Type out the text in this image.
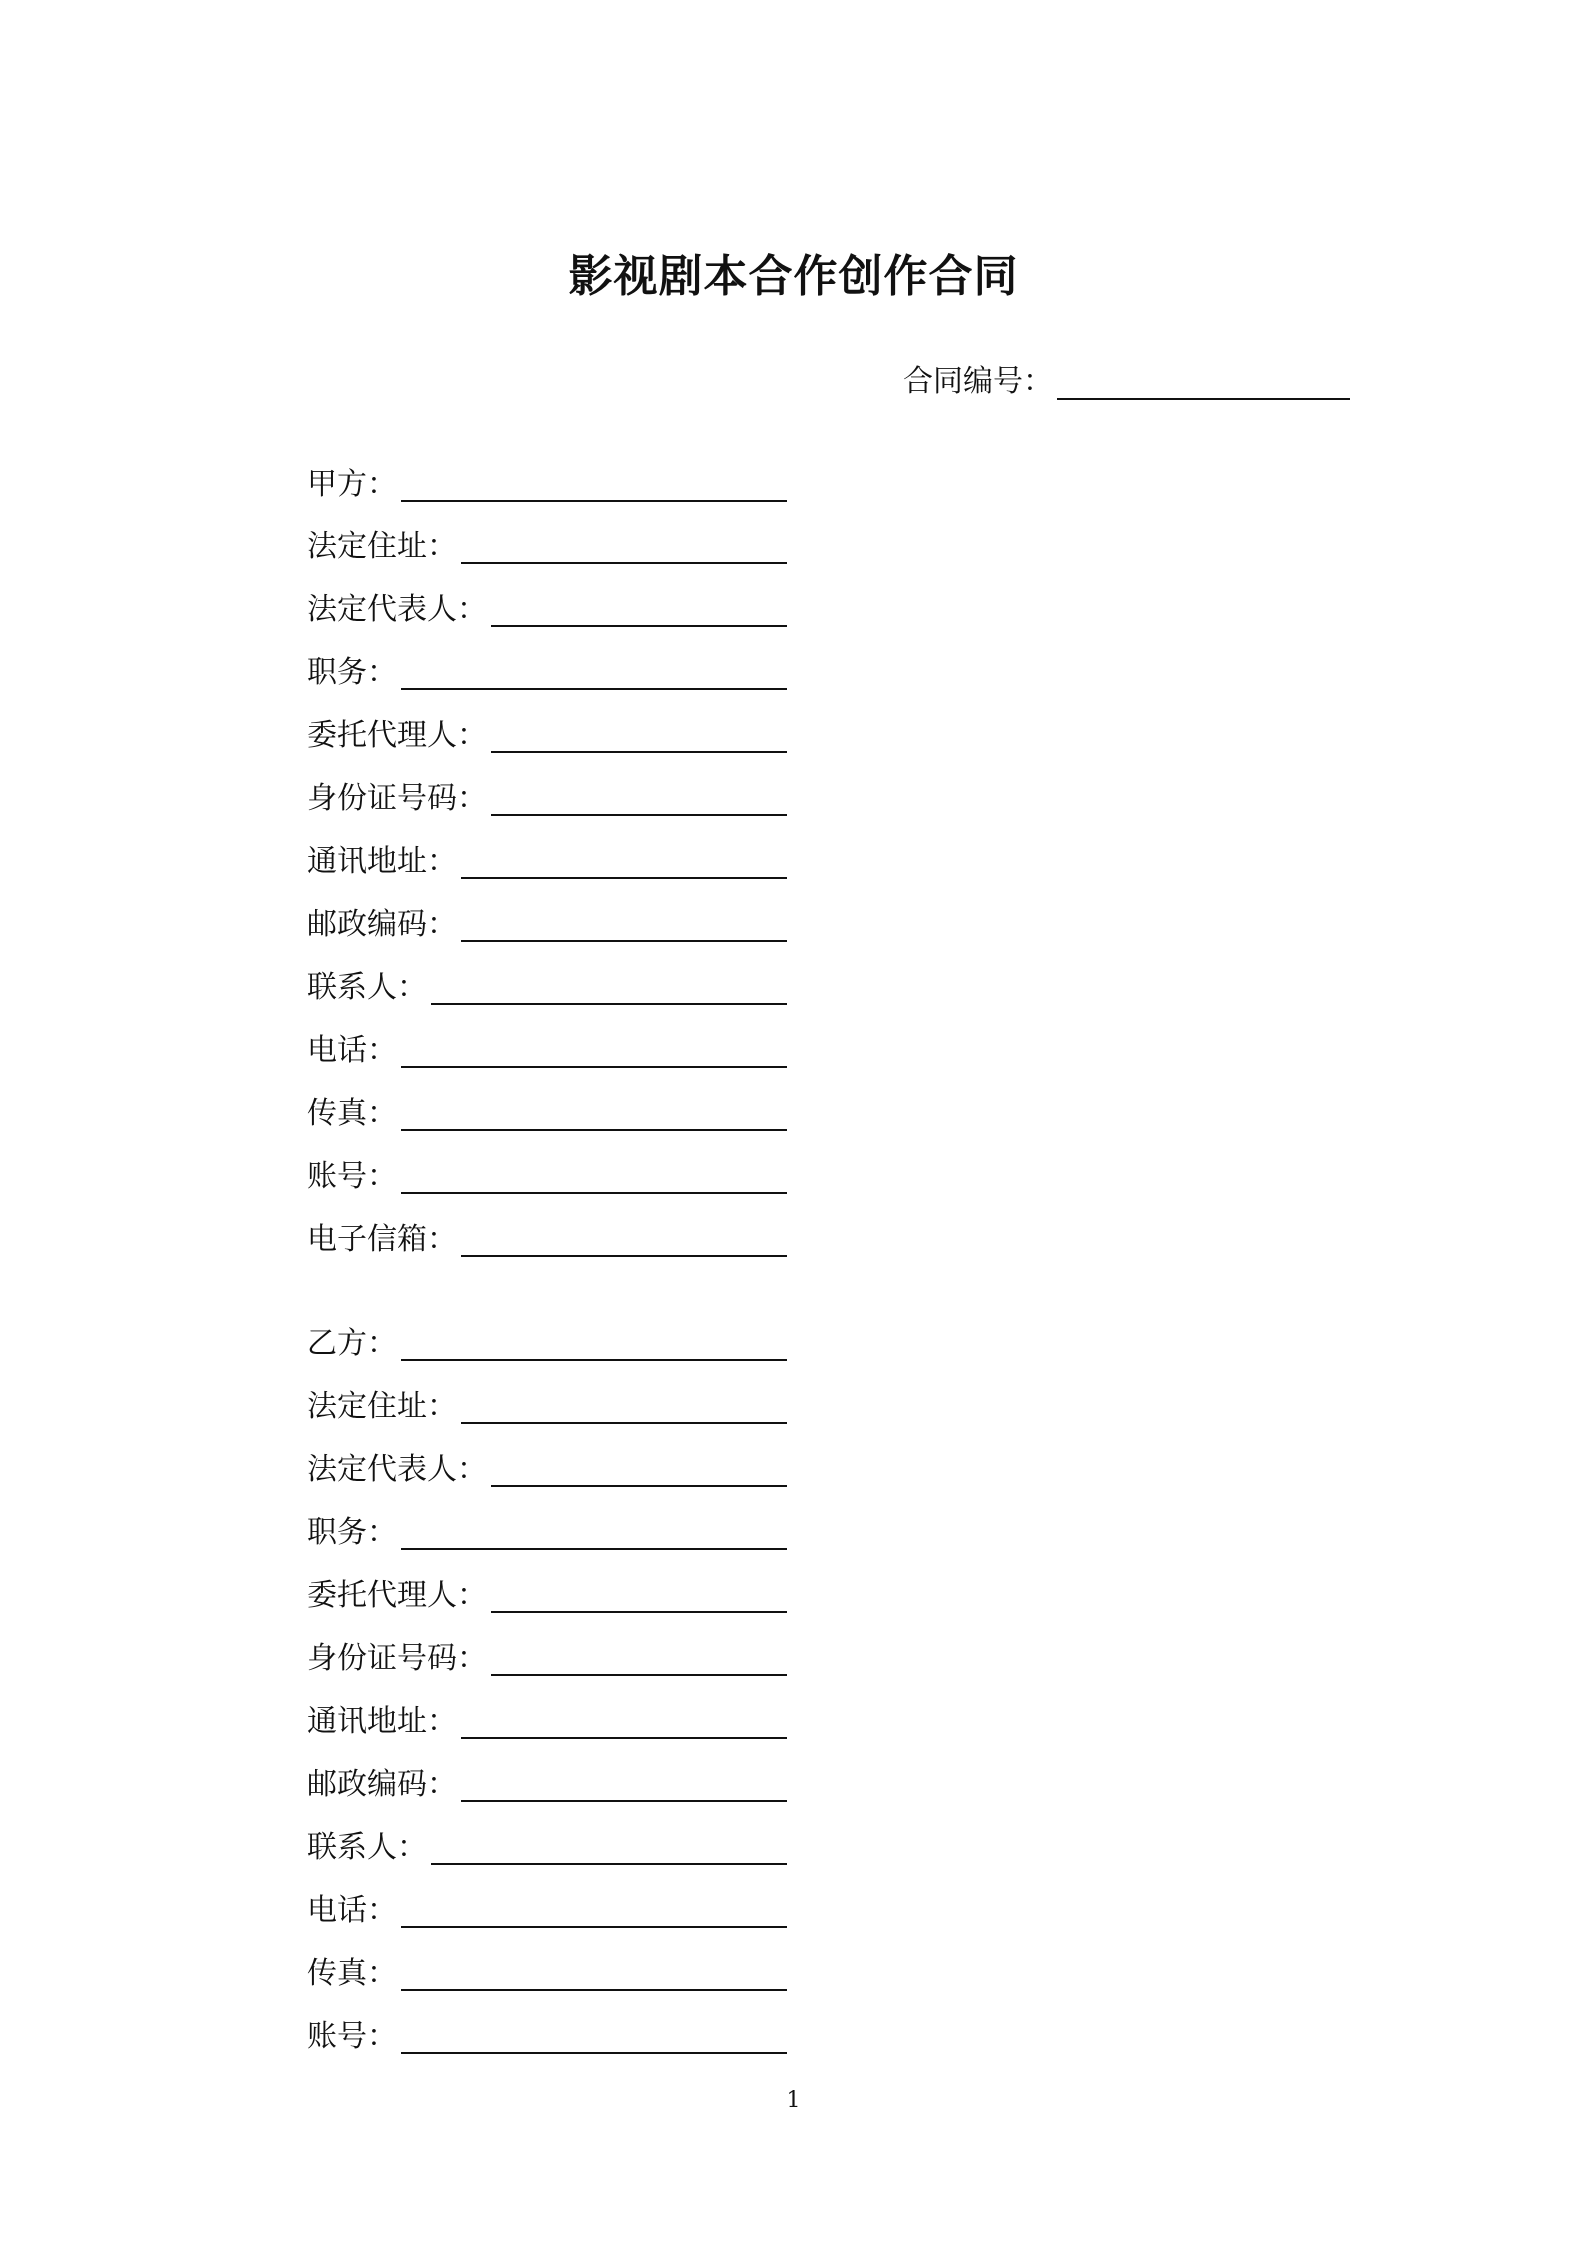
影视剧本合作创作合同
合同编号：
甲方：
法定住址：
法定代表人：
职务：
委托代理人：
身份证号码：
通讯地址：
邮政编码：
联系人：
电话：
传真：
账号：
电子信箱：
乙方：
法定住址：
法定代表人：
职务：
委托代理人：
身份证号码：
通讯地址：
邮政编码：
联系人：
电话：
传真：
账号：
1
